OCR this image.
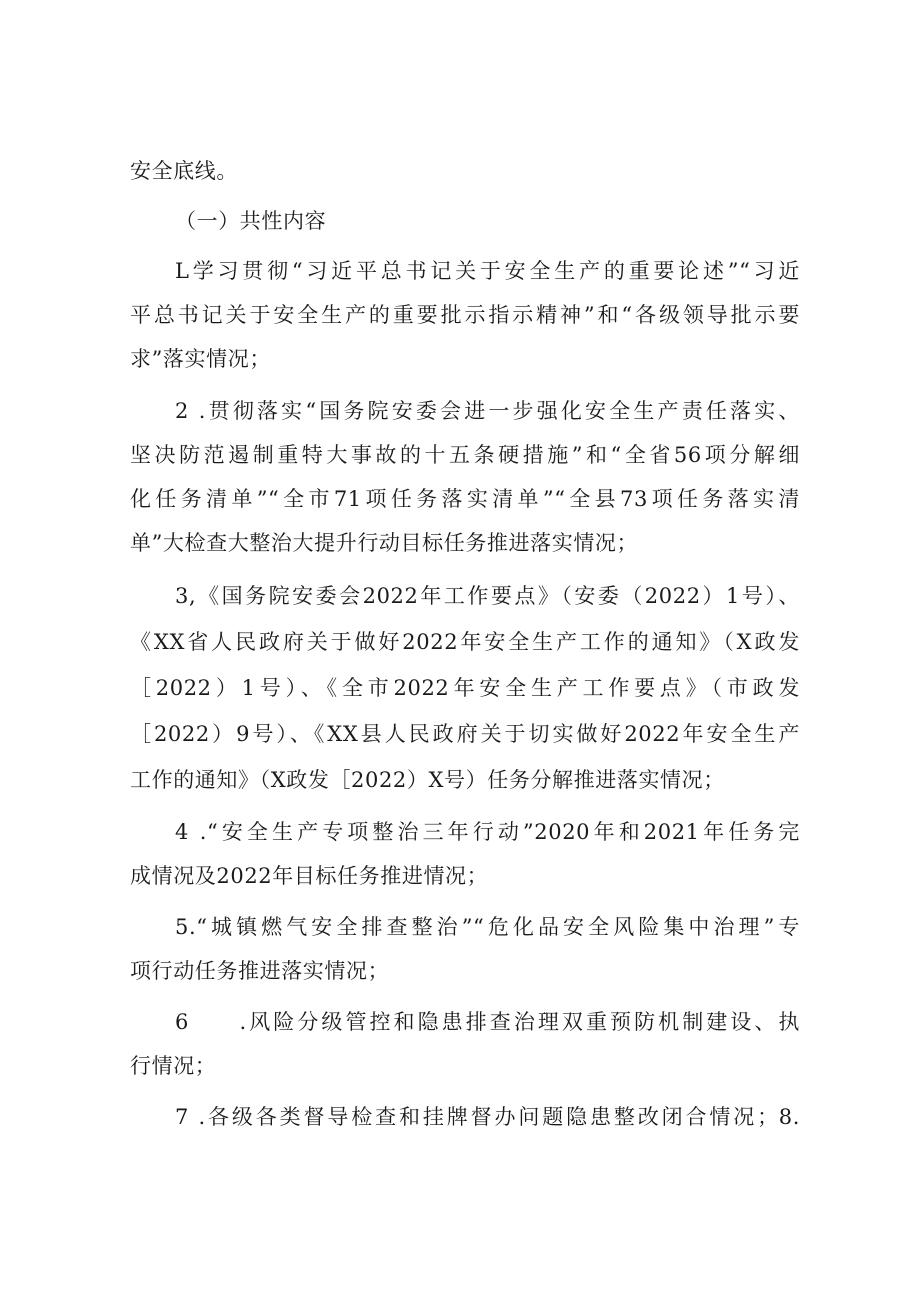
安全底线。
（一）共性内容
L学习贯彻“习近平总书记关于安全生产的重要论述”“习近
平总书记关于安全生产的重要批示指示精神”和“各级领导批示要
求”落实情况；
2 .贯彻落实“国务院安委会进一步强化安全生产责任落实、
坚决防范遏制重特大事故的十五条硬措施”和“全省56项分解细
化任务清单”“全市71项任务落实清单”“全县73项任务落实清
单”大检查大整治大提升行动目标任务推进落实情况；
3,《国务院安委会2022年工作要点》（安委（2022）1号）、
《XX省人民政府关于做好2022年安全生产工作的通知》（X政发
［2022）1号）、《全市2022年安全生产工作要点》（市政发
［2022）9号）、《XX县人民政府关于切实做好2022年安全生产
工作的通知》（X政发［2022）X号）任务分解推进落实情况；
4 .“安全生产专项整治三年行动”2020年和2021年任务完
成情况及2022年目标任务推进情况；
5.“城镇燃气安全排查整治”“危化品安全风险集中治理”专
项行动任务推进落实情况；
6　　.风险分级管控和隐患排查治理双重预防机制建设、执
行情况；
7 .各级各类督导检查和挂牌督办问题隐患整改闭合情况；8.
